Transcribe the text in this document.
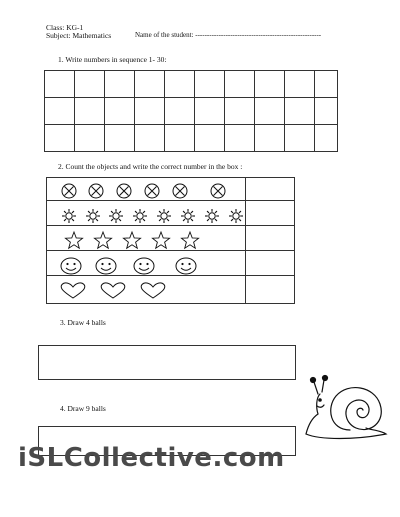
Class: KG-1
Subject: Mathematics	Name of the student: ------------------------------------------------------
1. Write numbers in sequence 1- 30:

2. Count the objects and write the correct number in the box :
3. Draw 4 balls
4. Draw 9 balls
iSLCollective.com
